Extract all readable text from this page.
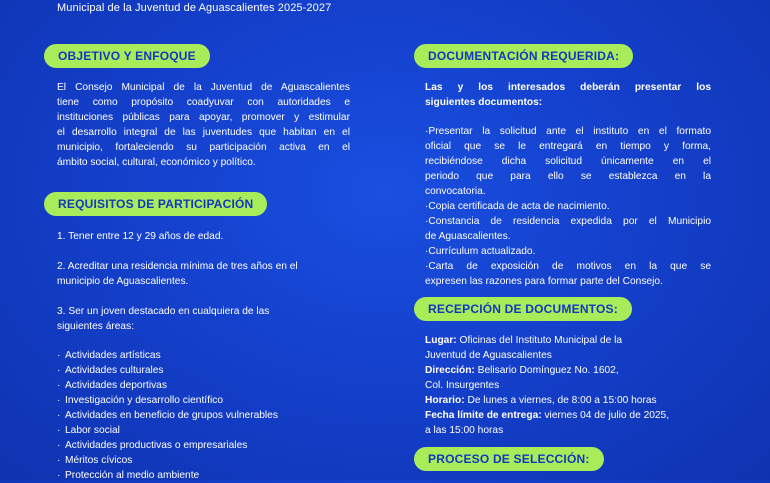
Municipal de la Juventud de Aguascalientes 2025-2027
OBJETIVO Y ENFOQUE
El Consejo Municipal de la Juventud de Aguascalientes
tiene como propósito coadyuvar con autoridades e
instituciones públicas para apoyar, promover y estimular
el desarrollo integral de las juventudes que habitan en el
municipio, fortaleciendo su participación activa en el
ámbito social, cultural, económico y político.
REQUISITOS DE PARTICIPACIÓN
1. Tener entre 12 y 29 años de edad.
2. Acreditar una residencia mínima de tres años en el
municipio de Aguascalientes.
3. Ser un joven destacado en cualquiera de las
siguientes áreas:
· Actividades artísticas
· Actividades culturales
· Actividades deportivas
· Investigación y desarrollo científico
· Actividades en beneficio de grupos vulnerables
· Labor social
· Actividades productivas o empresariales
· Méritos cívicos
· Protección al medio ambiente
DOCUMENTACIÓN REQUERIDA:
Las y los interesados deberán presentar los
siguientes documentos:
·Presentar la solicitud ante el instituto en el formato
oficial que se le entregará en tiempo y forma,
recibiéndose dicha solicitud únicamente en el
periodo que para ello se establezca en la
convocatoria.
·Copia certificada de acta de nacimiento.
·Constancia de residencia expedida por el Municipio
de Aguascalientes.
·Currículum actualizado.
·Carta de exposición de motivos en la que se
expresen las razones para formar parte del Consejo.
RECEPCIÓN DE DOCUMENTOS:
Lugar: Oficinas del Instituto Municipal de la
Juventud de Aguascalientes
Dirección: Belisario Domínguez No. 1602,
Col. Insurgentes
Horario: De lunes a viernes, de 8:00 a 15:00 horas
Fecha límite de entrega: viernes 04 de julio de 2025,
a las 15:00 horas
PROCESO DE SELECCIÓN:
